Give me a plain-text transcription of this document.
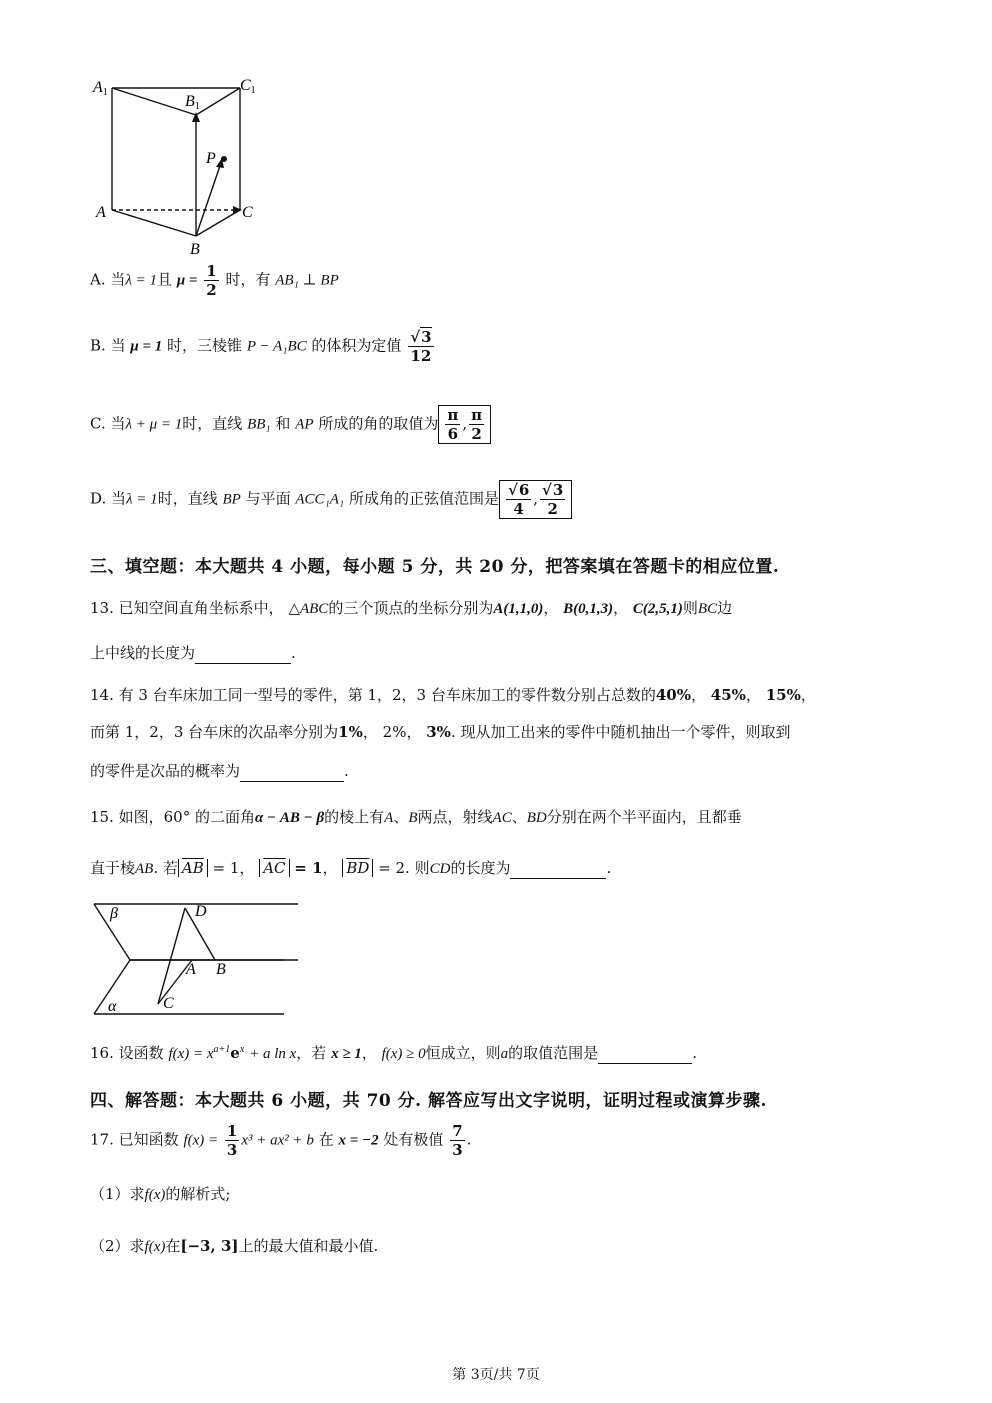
A1
B1
C1
P
A	C
B
A. 当λ = 1且 $\mu = \frac{1}{2}$ 时，有 AB₁ ⊥ BP
B. 当 μ = 1 时，三棱锥 P − A₁BC 的体积为定值 $\frac{√3}{12}$
C. 当λ + μ = 1时，直线 BB₁ 和 AP 所成的角的取值为 $\frac{\pi}{6}$ , $\frac{\pi}{2}$
D. 当λ = 1时，直线 BP 与平面 ACC₁A₁ 所成角的正弦值范围是 $\frac{√6}{4}$ , $\frac{√3}{2}$
三、填空题：本大题共 4 小题，每小题 5 分，共 20 分，把答案填在答题卡的相应位置.
13. 已知空间直角坐标系中， △ABC的三个顶点的坐标分别为A(1,1,0)， B(0,1,3)， C(2,5,1)则BC边
上中线的长度为	.
14. 有 3 台车床加工同一型号的零件，第 1，2，3 台车床加工的零件数分别占总数的40%， 45%， 15%，
而第 1，2，3 台车床的次品率分别为1%， 2%， 3%. 现从加工出来的零件中随机抽出一个零件，则取到
的零件是次品的概率为	.
15. 如图，60° 的二面角α − AB − β的棱上有A、B两点，射线AC、BD分别在两个半平面内，且都垂
直于棱AB. 若 $\overline{AB} = 1$， $\overline{AC} = 1$， $\overline{BD} = 2$. 则CD的长度为	.
β	D
A B
α	C
16. 设函数 $f(x) = x^{a+1}e^x + a$ ln x，若 x ≥ 1， f(x) ≥ 0恒成立，则a的取值范围是	.
四、解答题：本大题共 6 小题，共 70 分. 解答应写出文字说明，证明过程或演算步骤.
17. 已知函数 $f(x) = \frac{1}{3} x^3 + ax^2 + b$ 在 x = −2 处有极值 $\frac{7}{3}$ .
（1）求f(x)的解析式;
（2）求f(x)在[−3, 3]上的最大值和最小值.
第 3页/共 7页
